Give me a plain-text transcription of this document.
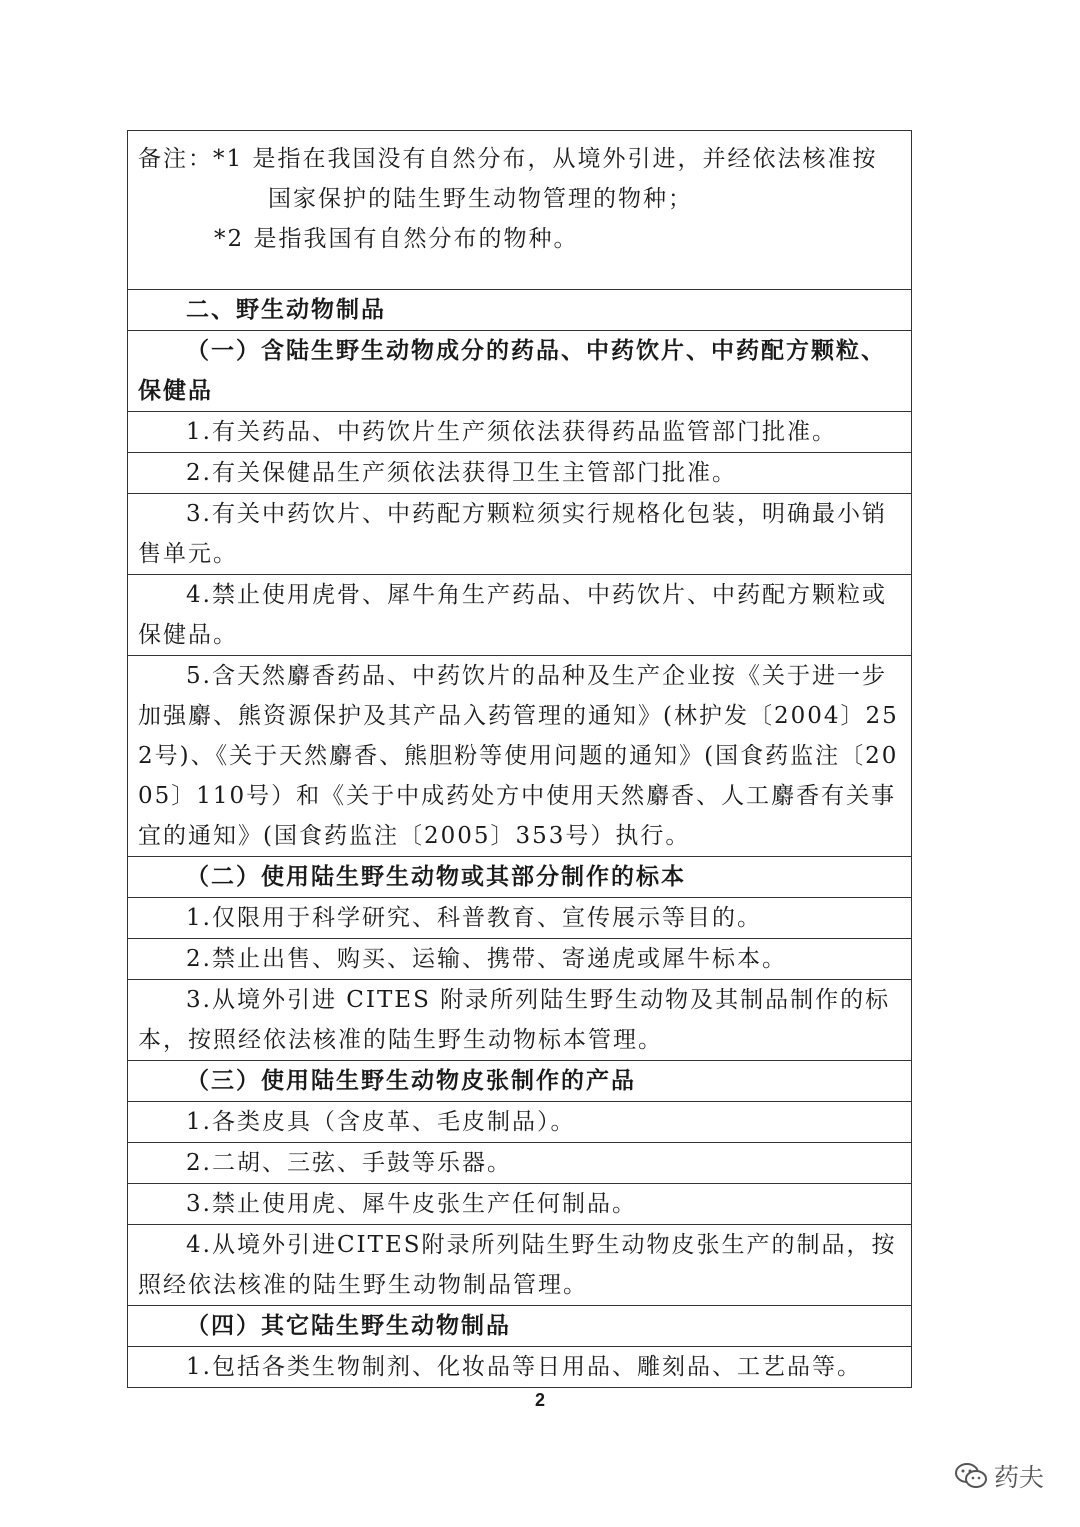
备注：*1 是指在我国没有自然分布，从境外引进，并经依法核准按
国家保护的陆生野生动物管理的物种；
*2 是指我国有自然分布的物种。

二、野生动物制品
（一）含陆生野生动物成分的药品、中药饮片、中药配方颗粒、保健品
1.有关药品、中药饮片生产须依法获得药品监管部门批准。
2.有关保健品生产须依法获得卫生主管部门批准。
3.有关中药饮片、中药配方颗粒须实行规格化包装，明确最小销售单元。
4.禁止使用虎骨、犀牛角生产药品、中药饮片、中药配方颗粒或保健品。
5.含天然麝香药品、中药饮片的品种及生产企业按《关于进一步加强麝、熊资源保护及其产品入药管理的通知》(林护发〔2004〕252号)、《关于天然麝香、熊胆粉等使用问题的通知》(国食药监注〔2005〕110号）和《关于中成药处方中使用天然麝香、人工麝香有关事宜的通知》(国食药监注〔2005〕353号）执行。
（二）使用陆生野生动物或其部分制作的标本
1.仅限用于科学研究、科普教育、宣传展示等目的。
2.禁止出售、购买、运输、携带、寄递虎或犀牛标本。
3.从境外引进 CITES 附录所列陆生野生动物及其制品制作的标本，按照经依法核准的陆生野生动物标本管理。
（三）使用陆生野生动物皮张制作的产品
1.各类皮具（含皮革、毛皮制品）。
2.二胡、三弦、手鼓等乐器。
3.禁止使用虎、犀牛皮张生产任何制品。
4.从境外引进CITES附录所列陆生野生动物皮张生产的制品，按照经依法核准的陆生野生动物制品管理。
（四）其它陆生野生动物制品
1.包括各类生物制剂、化妆品等日用品、雕刻品、工艺品等。
2
药夫
